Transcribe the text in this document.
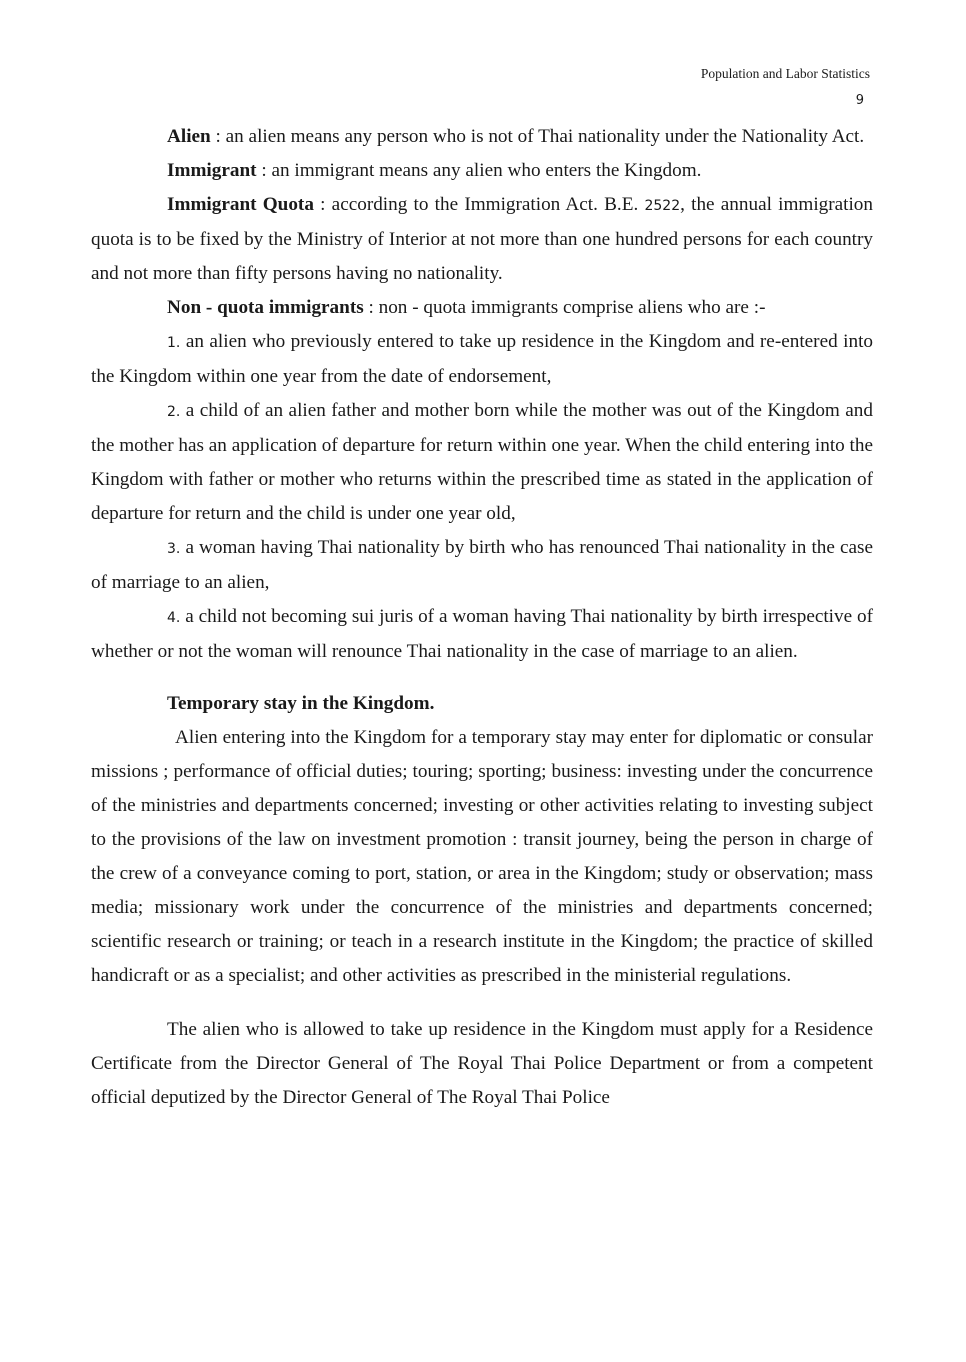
Population and Labor Statistics
9

Alien : an alien means any person who is not of Thai nationality under the Nationality Act.

Immigrant : an immigrant means any alien who enters the Kingdom.

Immigrant Quota : according to the Immigration Act. B.E. 2522, the annual immigration quota is to be fixed by the Ministry of Interior at not more than one hundred persons for each country and not more than fifty persons having no nationality.

Non - quota immigrants : non - quota immigrants comprise aliens who are :-

1. an alien who previously entered to take up residence in the Kingdom and re-entered into the Kingdom within one year from the date of endorsement,

2. a child of an alien father and mother born while the mother was out of the Kingdom and the mother has an application of departure for return within one year. When the child entering into the Kingdom with father or mother who returns within the prescribed time as stated in the application of departure for return and the child is under one year old,

3. a woman having Thai nationality by birth who has renounced Thai nationality in the case of marriage to an alien,

4. a child not becoming sui juris of a woman having Thai nationality by birth irrespective of whether or not the woman will renounce Thai nationality in the case of marriage to an alien.

Temporary stay in the Kingdom.

Alien entering into the Kingdom for a temporary stay may enter for diplomatic or consular missions ; performance of official duties; touring; sporting; business: investing under the concurrence of the ministries and departments concerned; investing or other activities relating to investing subject to the provisions of the law on investment promotion : transit journey, being the person in charge of the crew of a conveyance coming to port, station, or area in the Kingdom; study or observation; mass media; missionary work under the concurrence of the ministries and departments concerned; scientific research or training; or teach in a research institute in the Kingdom; the practice of skilled handicraft or as a specialist; and other activities as prescribed in the ministerial regulations.

The alien who is allowed to take up residence in the Kingdom must apply for a Residence Certificate from the Director General of The Royal Thai Police Department or from a competent official deputized by the Director General of The Royal Thai Police
